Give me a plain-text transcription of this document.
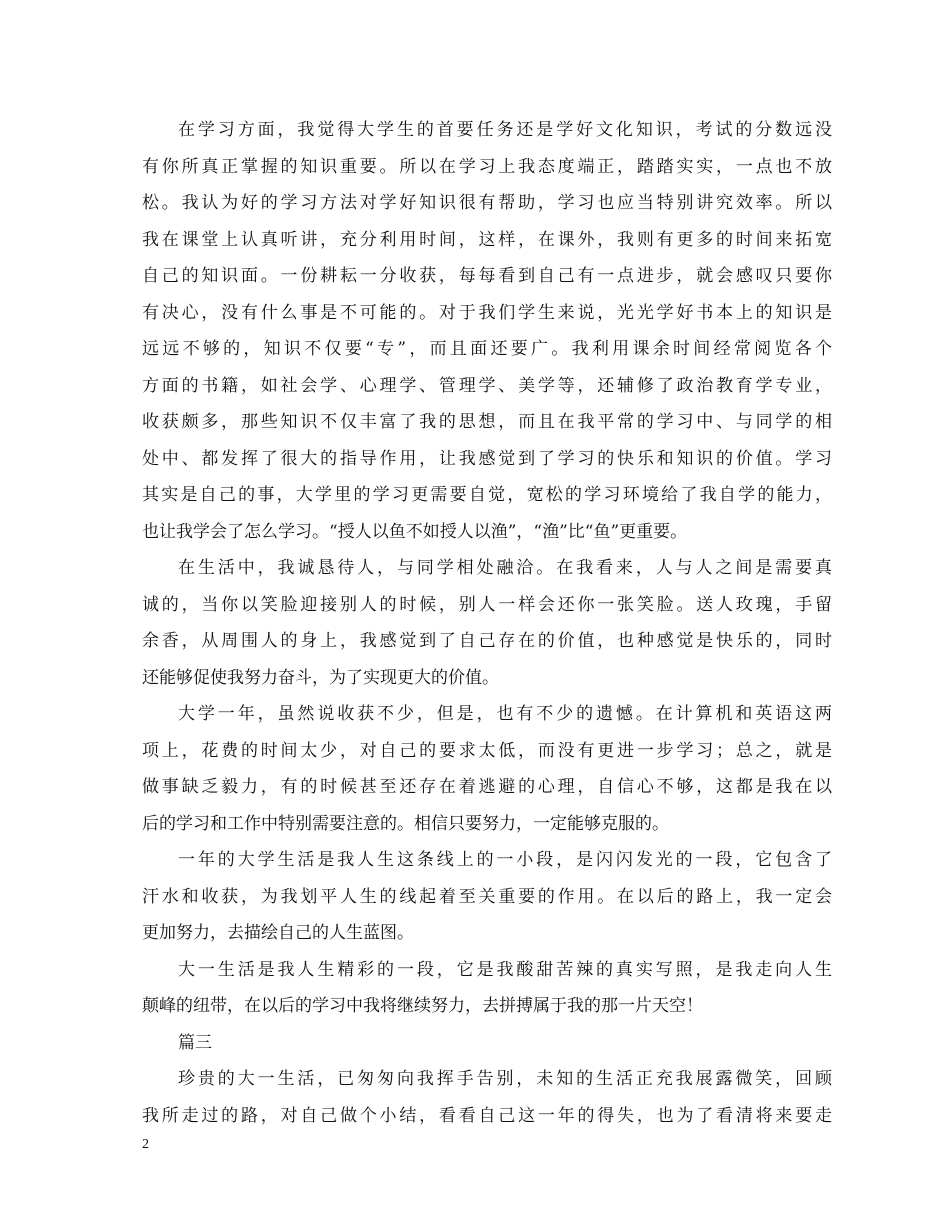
在学习方面，我觉得大学生的首要任务还是学好文化知识，考试的分数远没
有你所真正掌握的知识重要。所以在学习上我态度端正，踏踏实实，一点也不放
松。我认为好的学习方法对学好知识很有帮助，学习也应当特别讲究效率。所以
我在课堂上认真听讲，充分利用时间，这样，在课外，我则有更多的时间来拓宽
自己的知识面。一份耕耘一分收获，每每看到自己有一点进步，就会感叹只要你
有决心，没有什么事是不可能的。对于我们学生来说，光光学好书本上的知识是
远远不够的，知识不仅要“专”，而且面还要广。我利用课余时间经常阅览各个
方面的书籍，如社会学、心理学、管理学、美学等，还辅修了政治教育学专业，
收获颇多，那些知识不仅丰富了我的思想，而且在我平常的学习中、与同学的相
处中、都发挥了很大的指导作用，让我感觉到了学习的快乐和知识的价值。学习
其实是自己的事，大学里的学习更需要自觉，宽松的学习环境给了我自学的能力，
也让我学会了怎么学习。“授人以鱼不如授人以渔”，“渔”比“鱼”更重要。
在生活中，我诚恳待人，与同学相处融洽。在我看来，人与人之间是需要真
诚的，当你以笑脸迎接别人的时候，别人一样会还你一张笑脸。送人玫瑰，手留
余香，从周围人的身上，我感觉到了自己存在的价值，也种感觉是快乐的，同时
还能够促使我努力奋斗，为了实现更大的价值。
大学一年，虽然说收获不少，但是，也有不少的遗憾。在计算机和英语这两
项上，花费的时间太少，对自己的要求太低，而没有更进一步学习；总之，就是
做事缺乏毅力，有的时候甚至还存在着逃避的心理，自信心不够，这都是我在以
后的学习和工作中特别需要注意的。相信只要努力，一定能够克服的。
一年的大学生活是我人生这条线上的一小段，是闪闪发光的一段，它包含了
汗水和收获，为我划平人生的线起着至关重要的作用。在以后的路上，我一定会
更加努力，去描绘自己的人生蓝图。
大一生活是我人生精彩的一段，它是我酸甜苦辣的真实写照，是我走向人生
颠峰的纽带，在以后的学习中我将继续努力，去拼搏属于我的那一片天空！
篇三
珍贵的大一生活，已匆匆向我挥手告别，未知的生活正充我展露微笑，回顾
我所走过的路，对自己做个小结，看看自己这一年的得失，也为了看清将来要走
2
